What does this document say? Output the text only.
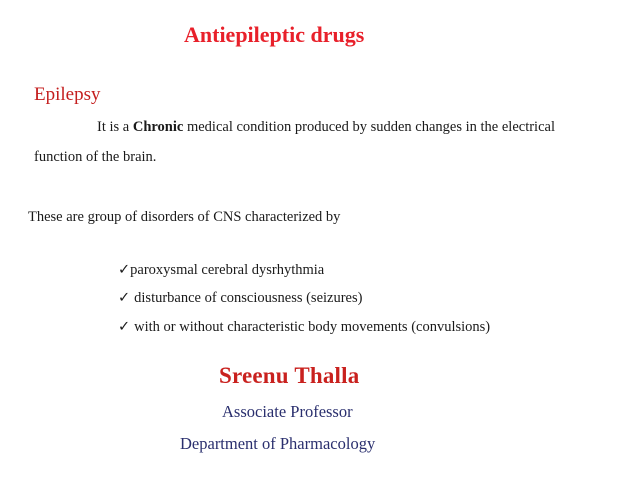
Antiepileptic drugs
Epilepsy
It is a Chronic medical condition produced by sudden changes in the electrical
function of the brain.
These are group of disorders of CNS characterized by
✓paroxysmal cerebral dysrhythmia
✓ disturbance of consciousness (seizures)
✓ with or without characteristic body movements (convulsions)
Sreenu Thalla
Associate Professor
Department of Pharmacology
